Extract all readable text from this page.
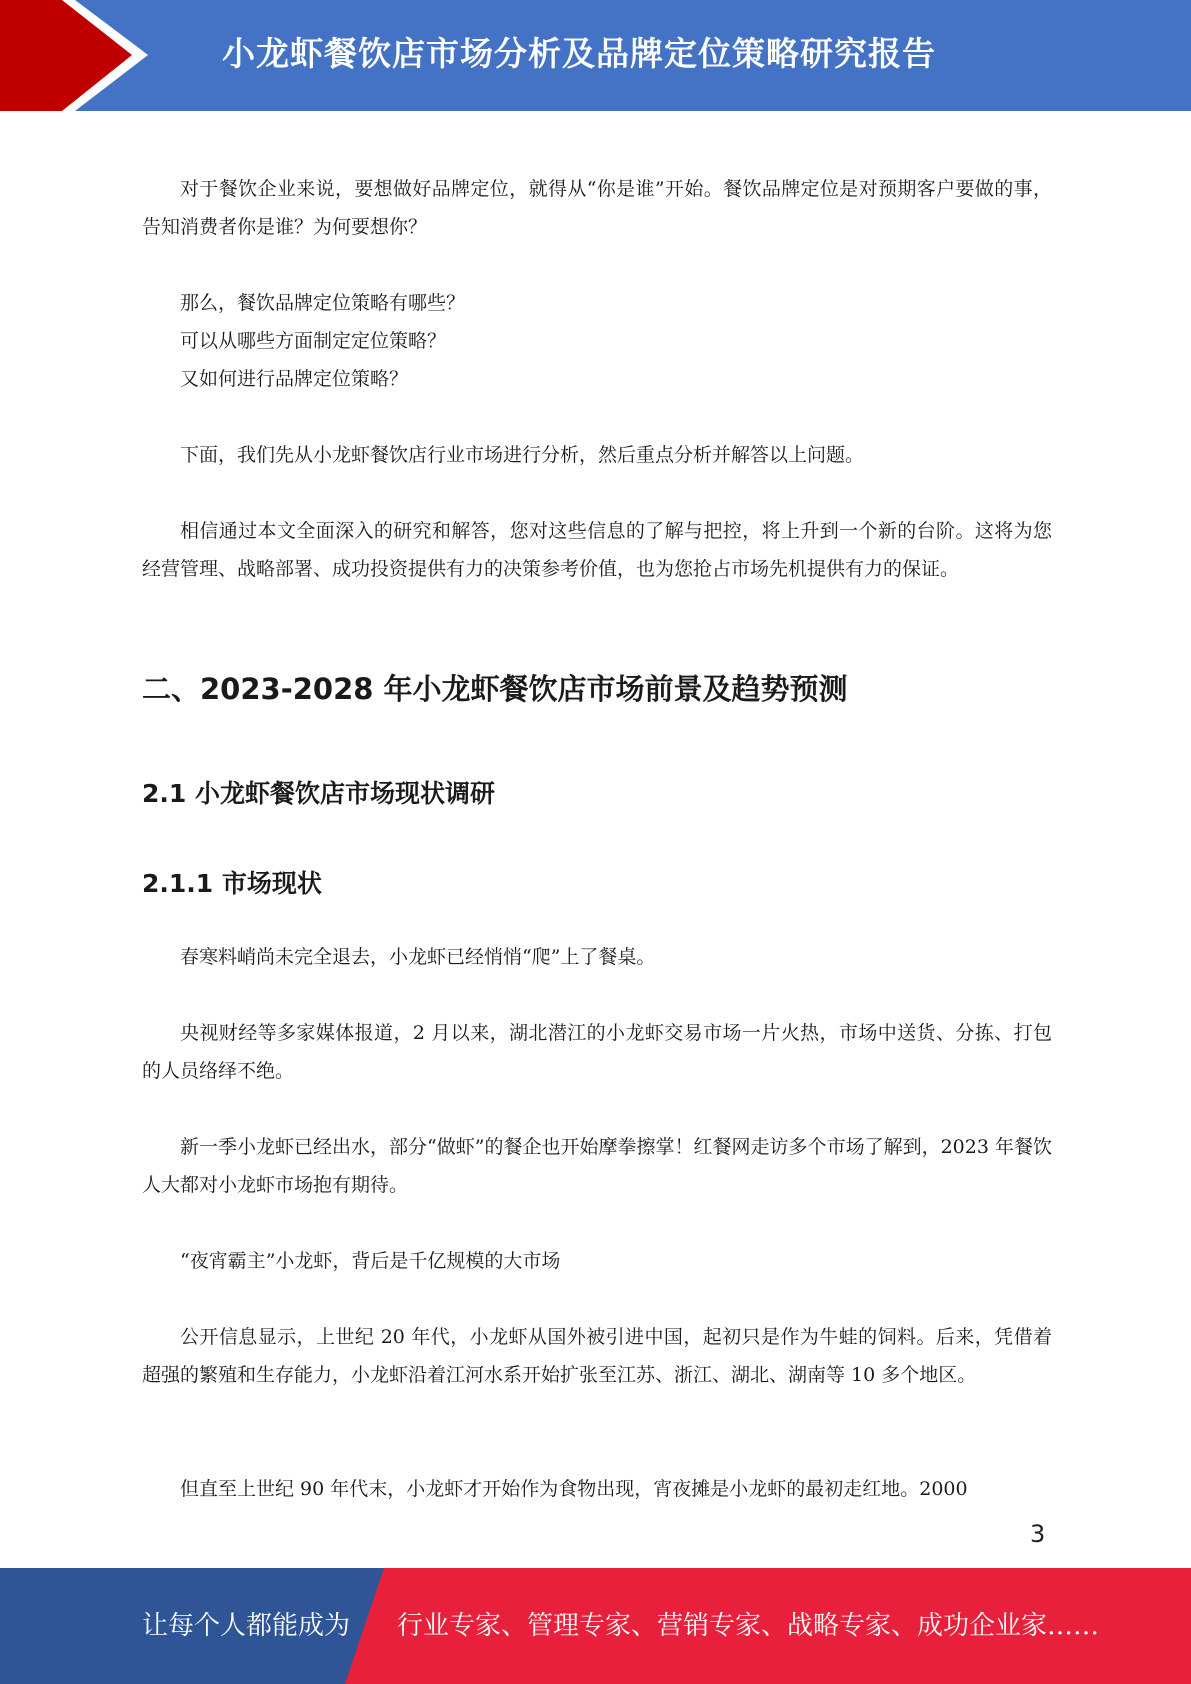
小龙虾餐饮店市场分析及品牌定位策略研究报告

对于餐饮企业来说，要想做好品牌定位，就得从“你是谁”开始。餐饮品牌定位是对预期客户要做的事，告知消费者你是谁？为何要想你？

那么，餐饮品牌定位策略有哪些？

可以从哪些方面制定定位策略？

又如何进行品牌定位策略？

下面，我们先从小龙虾餐饮店行业市场进行分析，然后重点分析并解答以上问题。

相信通过本文全面深入的研究和解答，您对这些信息的了解与把控，将上升到一个新的台阶。这将为您经营管理、战略部署、成功投资提供有力的决策参考价值，也为您抢占市场先机提供有力的保证。

二、2023-2028 年小龙虾餐饮店市场前景及趋势预测
2.1 小龙虾餐饮店市场现状调研
2.1.1 市场现状

春寒料峭尚未完全退去，小龙虾已经悄悄“爬”上了餐桌。

央视财经等多家媒体报道，2 月以来，湖北潜江的小龙虾交易市场一片火热，市场中送货、分拣、打包的人员络绎不绝。

新一季小龙虾已经出水，部分“做虾”的餐企也开始摩拳擦掌！红餐网走访多个市场了解到，2023 年餐饮人大都对小龙虾市场抱有期待。

“夜宵霸主”小龙虾，背后是千亿规模的大市场

公开信息显示，上世纪 20 年代，小龙虾从国外被引进中国，起初只是作为牛蛙的饲料。后来，凭借着超强的繁殖和生存能力，小龙虾沿着江河水系开始扩张至江苏、浙江、湖北、湖南等 10 多个地区。

但直至上世纪 90 年代末，小龙虾才开始作为食物出现，宵夜摊是小龙虾的最初走红地。2000

3
让每个人都能成为 行业专家、管理专家、营销专家、战略专家、成功企业家……
